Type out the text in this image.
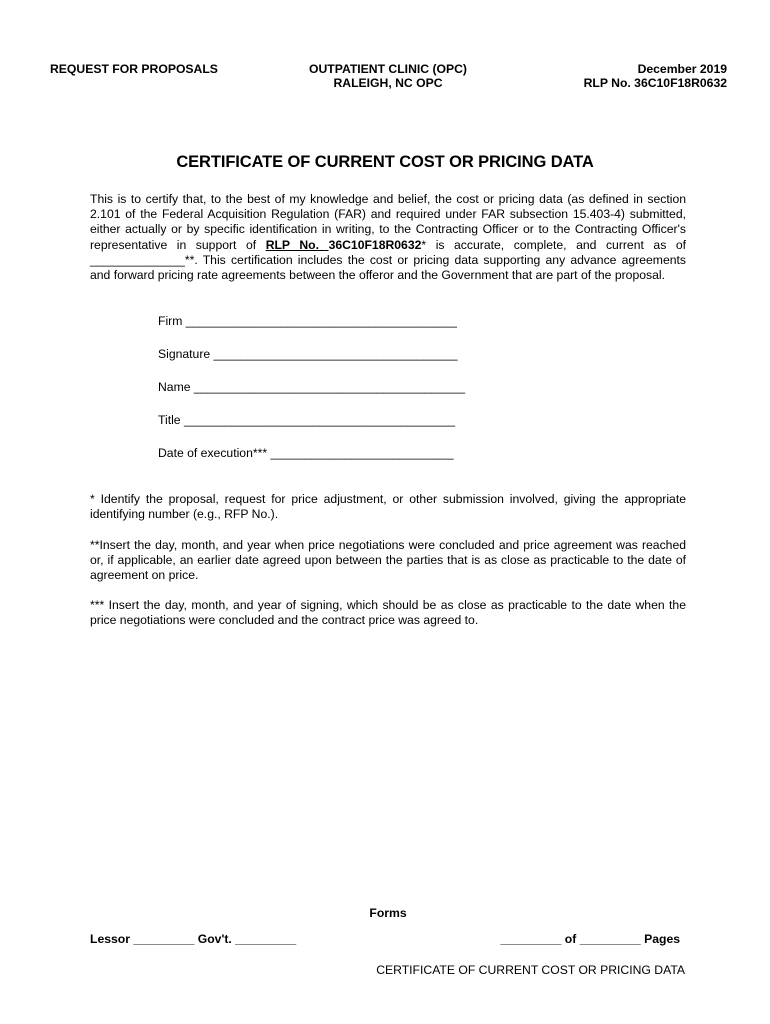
REQUEST FOR PROPOSALS	OUTPATIENT CLINIC (OPC)
RALEIGH, NC OPC
December 2019
RLP No. 36C10F18R0632
CERTIFICATE OF CURRENT COST OR PRICING DATA
This is to certify that, to the best of my knowledge and belief, the cost or pricing data (as defined in section 2.101 of the Federal Acquisition Regulation (FAR) and required under FAR subsection 15.403-4) submitted, either actually or by specific identification in writing, to the Contracting Officer or to the Contracting Officer's representative in support of RLP No. 36C10F18R0632* is accurate, complete, and current as of ______________**. This certification includes the cost or pricing data supporting any advance agreements and forward pricing rate agreements between the offeror and the Government that are part of the proposal.
Firm ________________________________________
Signature ____________________________________
Name ________________________________________
Title ________________________________________
Date of execution*** ___________________________
* Identify the proposal, request for price adjustment, or other submission involved, giving the appropriate identifying number (e.g., RFP No.).
**Insert the day, month, and year when price negotiations were concluded and price agreement was reached or, if applicable, an earlier date agreed upon between the parties that is as close as practicable to the date of agreement on price.
*** Insert the day, month, and year of signing, which should be as close as practicable to the date when the price negotiations were concluded and the contract price was agreed to.
Forms
Lessor _________ Gov't. _________	_________ of _________ Pages
CERTIFICATE OF CURRENT COST OR PRICING DATA
